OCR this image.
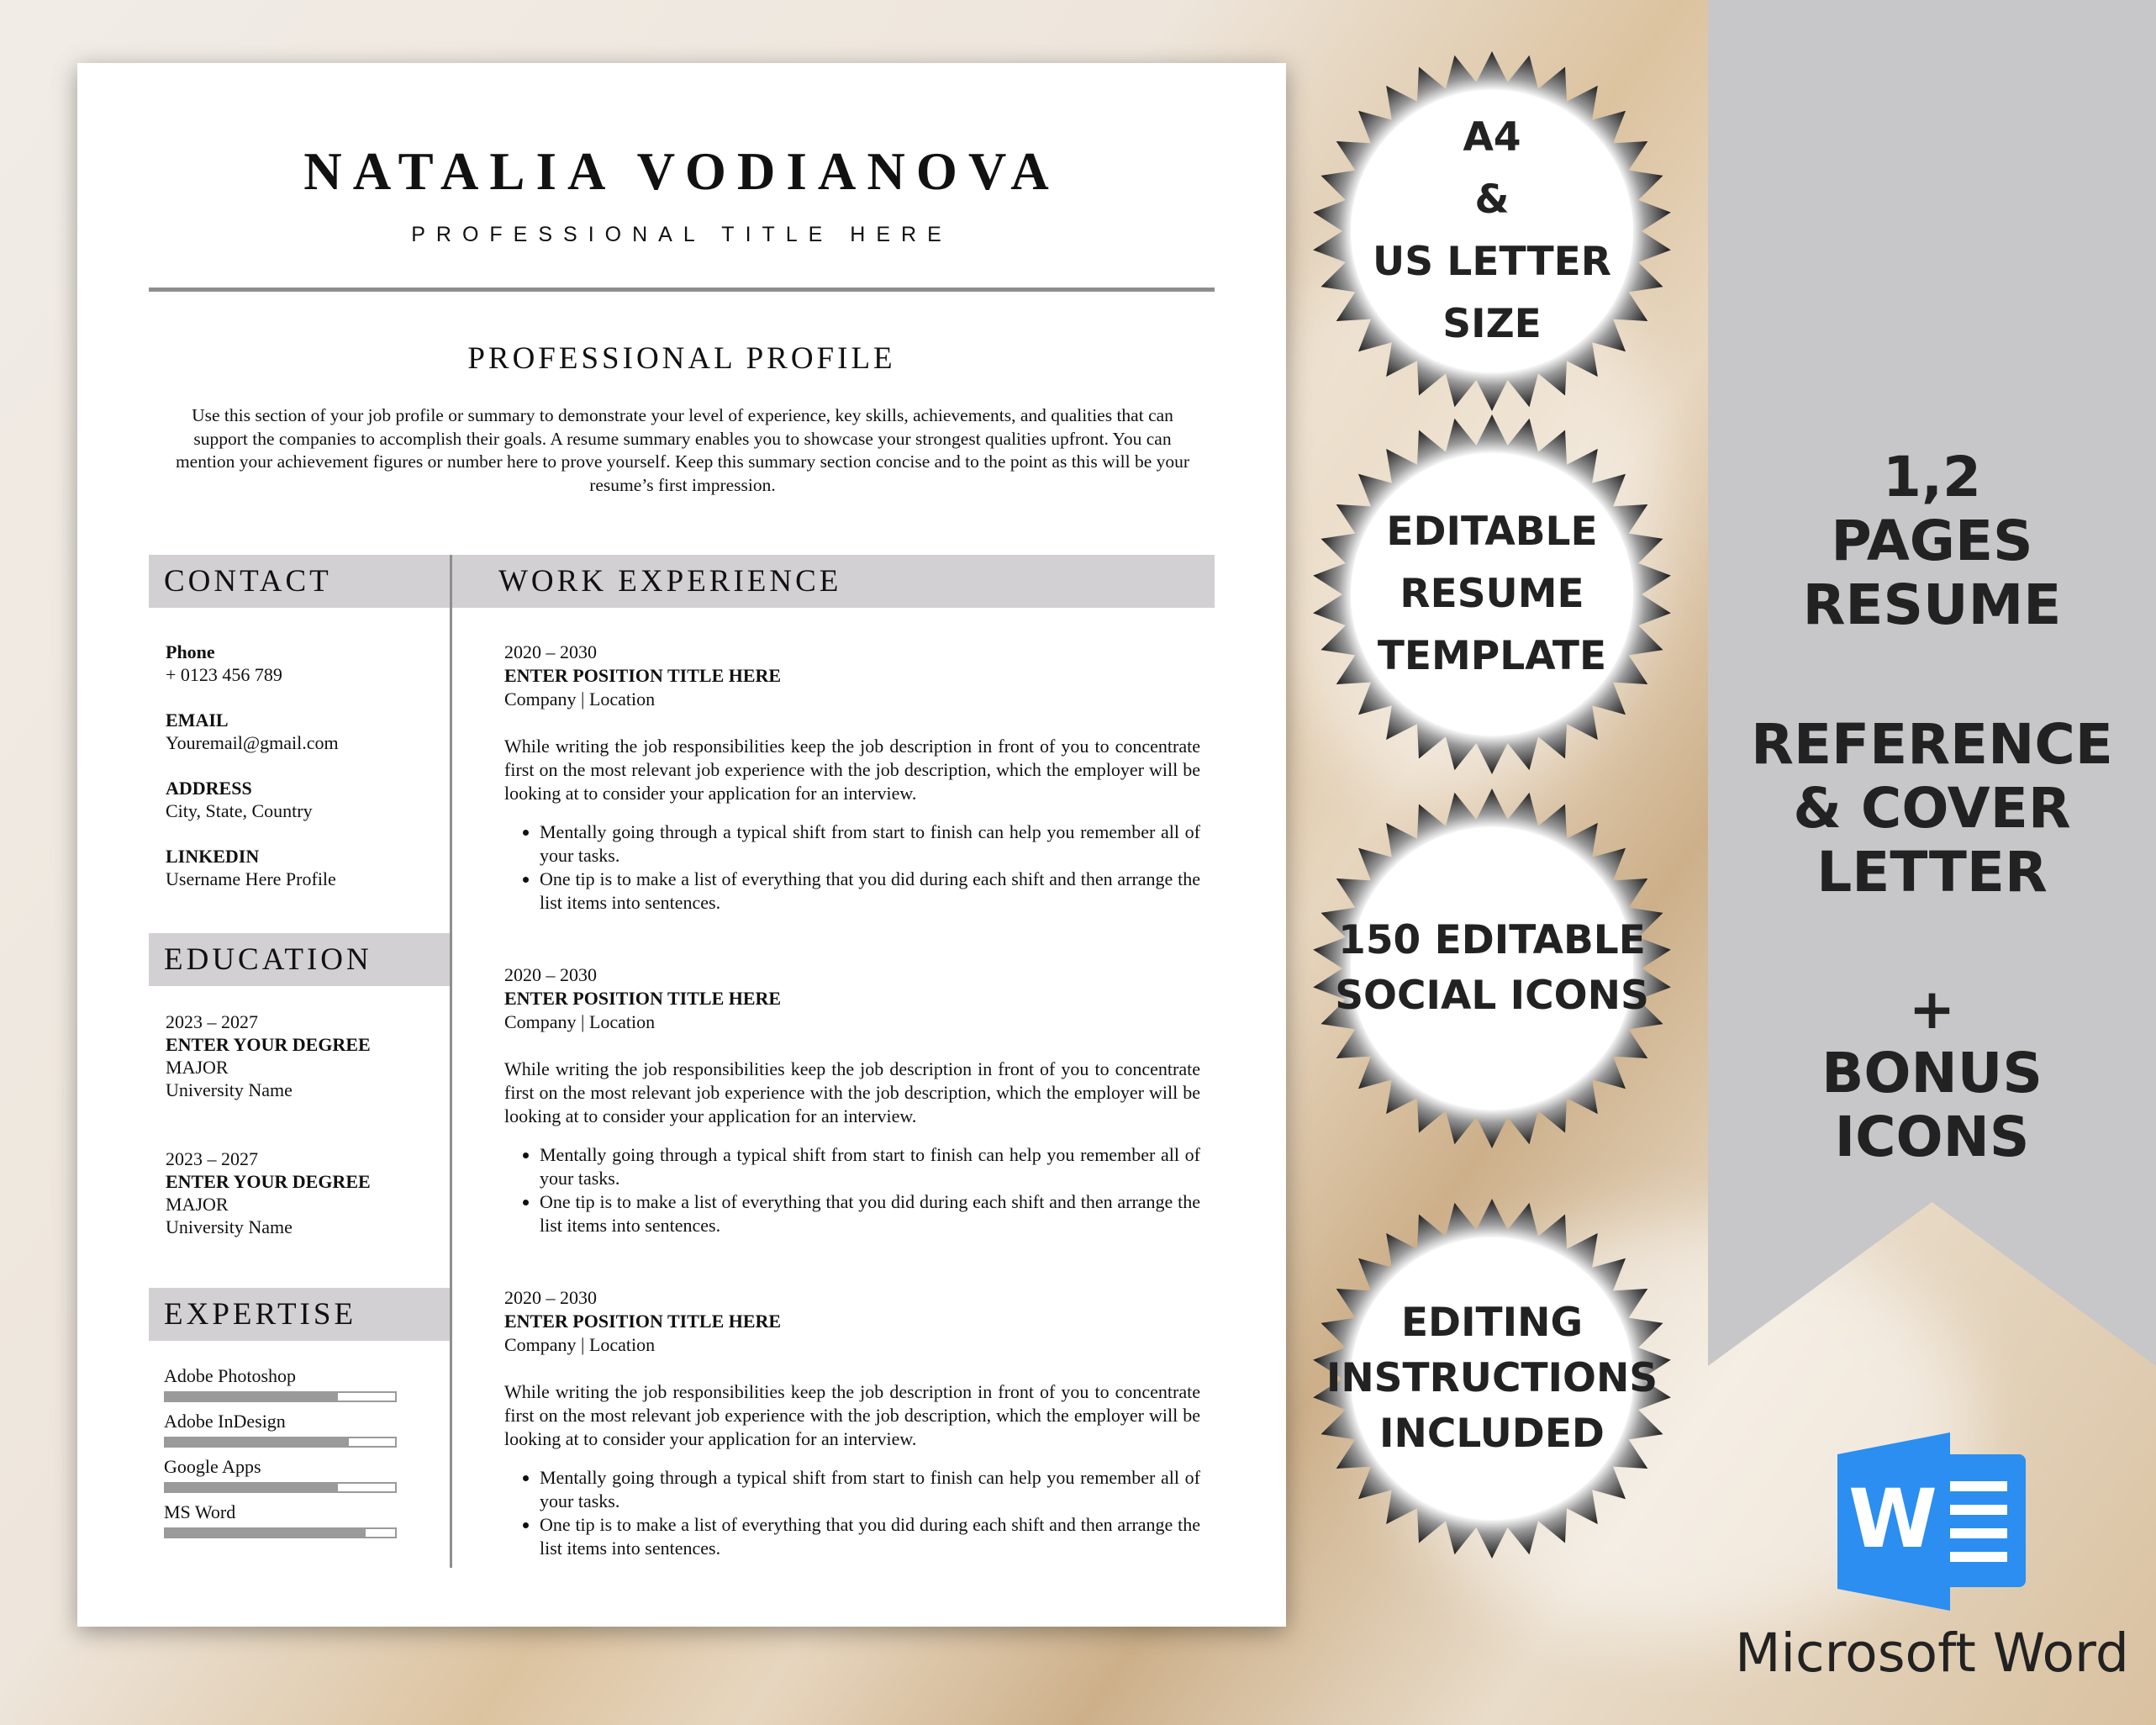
NATALIA VODIANOVA
PROFESSIONAL TITLE HERE
PROFESSIONAL PROFILE
Use this section of your job profile or summary to demonstrate your level of experience, key skills, achievements, and qualities that can support the companies to accomplish their goals. A resume summary enables you to showcase your strongest qualities upfront. You can mention your achievement figures or number here to prove yourself. Keep this summary section concise and to the point as this will be your resume’s first impression.
CONTACT	WORK EXPERIENCE
Phone
+ 0123 456 789
EMAIL
Youremail@gmail.com
ADDRESS
City, State, Country
LINKEDIN
Username Here Profile
EDUCATION
2023 – 2027
ENTER YOUR DEGREE
MAJOR
University Name
2023 – 2027
ENTER YOUR DEGREE
MAJOR
University Name
EXPERTISE
Adobe Photoshop
Adobe InDesign
Google Apps
MS Word
2020 – 2030
ENTER POSITION TITLE HERE
Company | Location

While writing the job responsibilities keep the job description in front of you to concentrate first on the most relevant job experience with the job description, which the employer will be looking at to consider your application for an interview.

• Mentally going through a typical shift from start to finish can help you remember all of your tasks.
• One tip is to make a list of everything that you did during each shift and then arrange the list items into sentences.
2020 – 2030
ENTER POSITION TITLE HERE
Company | Location

While writing the job responsibilities keep the job description in front of you to concentrate first on the most relevant job experience with the job description, which the employer will be looking at to consider your application for an interview.

• Mentally going through a typical shift from start to finish can help you remember all of your tasks.
• One tip is to make a list of everything that you did during each shift and then arrange the list items into sentences.
2020 – 2030
ENTER POSITION TITLE HERE
Company | Location

While writing the job responsibilities keep the job description in front of you to concentrate first on the most relevant job experience with the job description, which the employer will be looking at to consider your application for an interview.

• Mentally going through a typical shift from start to finish can help you remember all of your tasks.
• One tip is to make a list of everything that you did during each shift and then arrange the list items into sentences.
1,2
PAGES
RESUME
REFERENCE
& COVER
LETTER
+
BONUS
ICONS
A4
&
US LETTER
SIZE
EDITABLE
RESUME
TEMPLATE
150 EDITABLE
SOCIAL ICONS
EDITING
INSTRUCTIONS
INCLUDED
W
Microsoft Word
